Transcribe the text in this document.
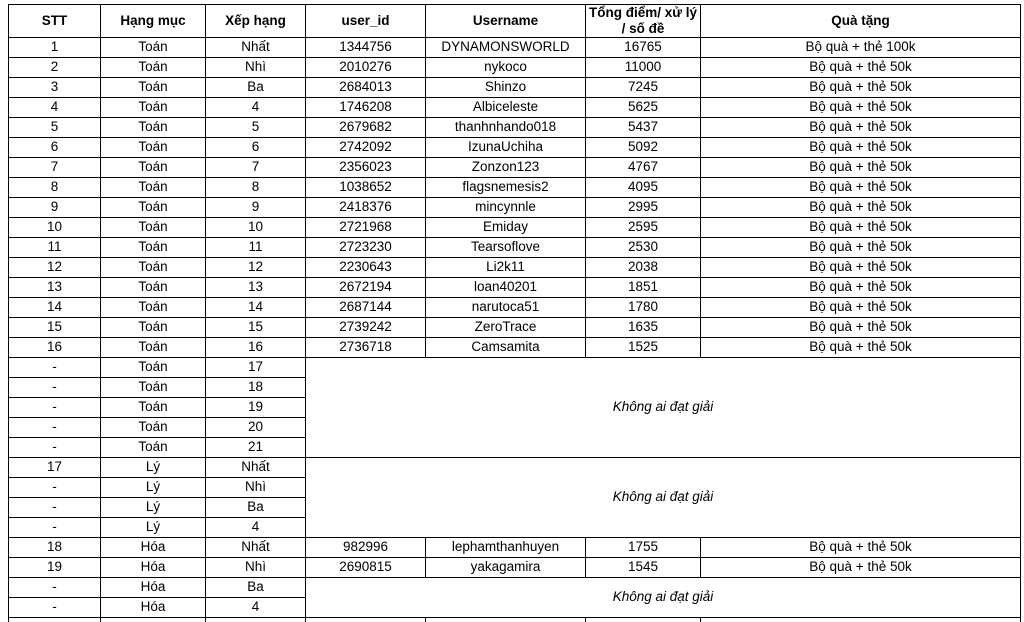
STT	Hạng mục	Xếp hạng	user_id	Username	Tổng điểm/ xử lý / số đề	Quà tặng
1	Toán	Nhất	1344756	DYNAMONSWORLD	16765	Bộ quà + thẻ 100k
2	Toán	Nhì	2010276	nykoco	11000	Bộ quà + thẻ 50k
3	Toán	Ba	2684013	Shinzo	7245	Bộ quà + thẻ 50k
4	Toán	4	1746208	Albiceleste	5625	Bộ quà + thẻ 50k
5	Toán	5	2679682	thanhnhando018	5437	Bộ quà + thẻ 50k
6	Toán	6	2742092	IzunaUchiha	5092	Bộ quà + thẻ 50k
7	Toán	7	2356023	Zonzon123	4767	Bộ quà + thẻ 50k
8	Toán	8	1038652	flagsnemesis2	4095	Bộ quà + thẻ 50k
9	Toán	9	2418376	mincynnle	2995	Bộ quà + thẻ 50k
10	Toán	10	2721968	Emiday	2595	Bộ quà + thẻ 50k
11	Toán	11	2723230	Tearsoflove	2530	Bộ quà + thẻ 50k
12	Toán	12	2230643	Li2k11	2038	Bộ quà + thẻ 50k
13	Toán	13	2672194	loan40201	1851	Bộ quà + thẻ 50k
14	Toán	14	2687144	narutoca51	1780	Bộ quà + thẻ 50k
15	Toán	15	2739242	ZeroTrace	1635	Bộ quà + thẻ 50k
16	Toán	16	2736718	Camsamita	1525	Bộ quà + thẻ 50k
-	Toán	17	Không ai đạt giải			
-	Toán	18				
-	Toán	19				
-	Toán	20				
-	Toán	21				
17	Lý	Nhất	Không ai đạt giải			
-	Lý	Nhì				
-	Lý	Ba				
-	Lý	4				
18	Hóa	Nhất	982996	lephamthanhuyen	1755	Bộ quà + thẻ 50k
19	Hóa	Nhì	2690815	yakagamira	1545	Bộ quà + thẻ 50k
-	Hóa	Ba	Không ai đạt giải			
-	Hóa	4				
